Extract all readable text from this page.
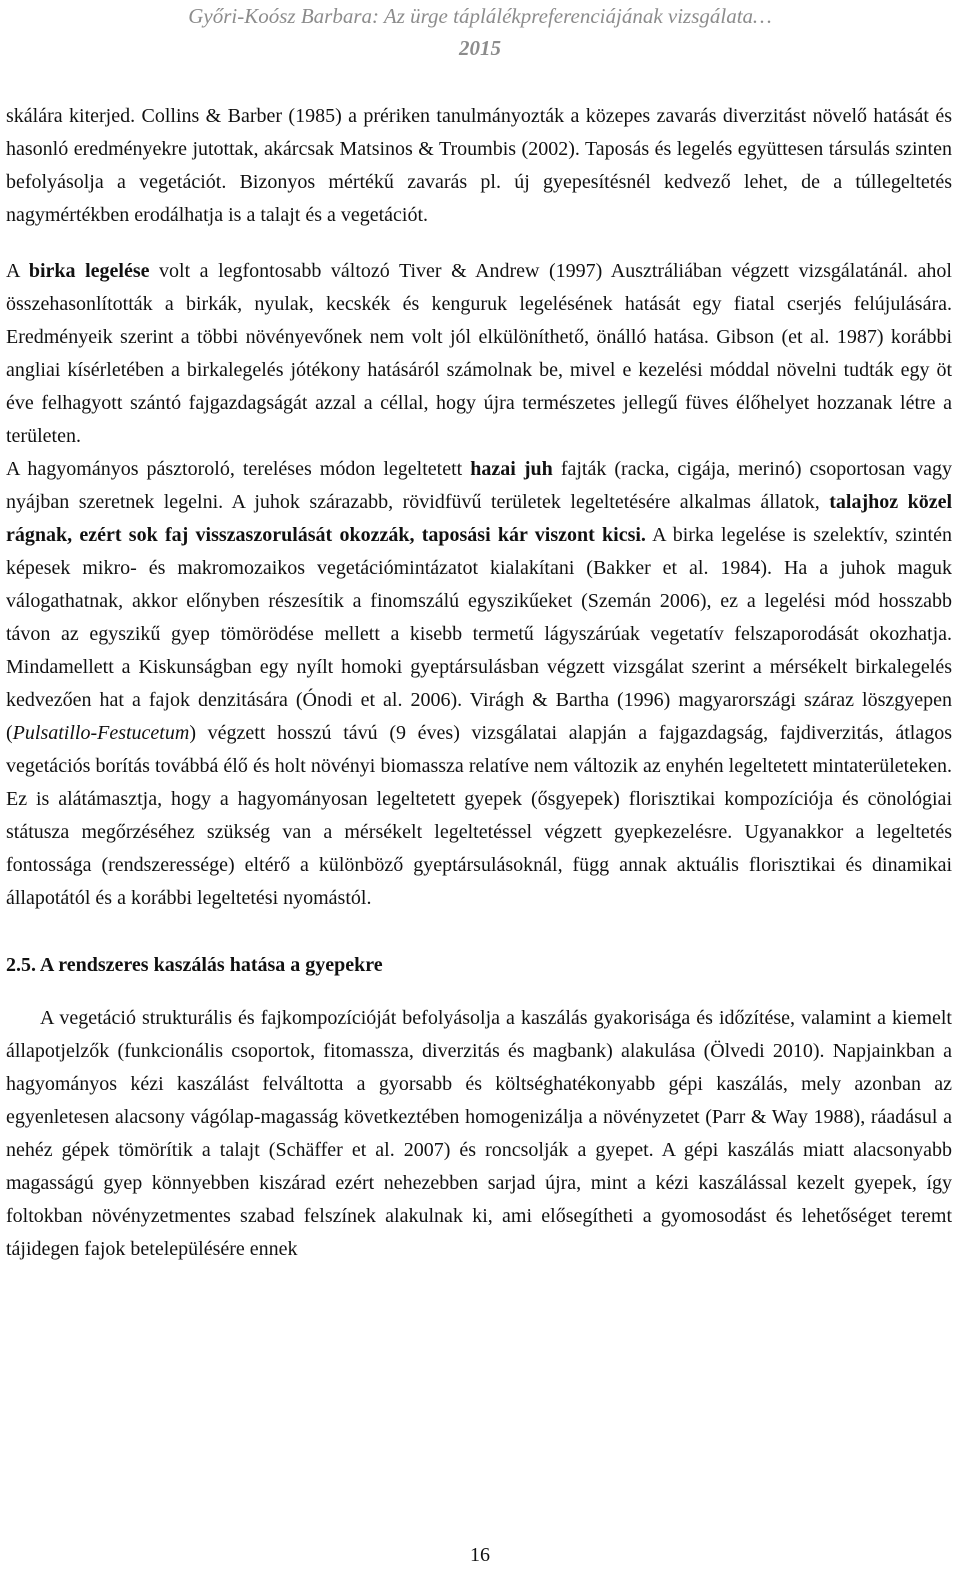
Győri-Koósz Barbara: Az ürge táplálékpreferenciájának vizsgálata…
2015

skálára kiterjed. Collins & Barber (1985) a prériken tanulmányozták a közepes zavarás diverzitást növelő hatását és hasonló eredményekre jutottak, akárcsak Matsinos & Troumbis (2002). Taposás és legelés együttesen társulás szinten befolyásolja a vegetációt. Bizonyos mértékű zavarás pl. új gyepesítésnél kedvező lehet, de a túllegeltetés nagymértékben erodálhatja is a talajt és a vegetációt.

A birka legelése volt a legfontosabb változó Tiver & Andrew (1997) Ausztráliában végzett vizsgálatánál. ahol összehasonlították a birkák, nyulak, kecskék és kenguruk legelésének hatását egy fiatal cserjés felújulására. Eredményeik szerint a többi növényevőnek nem volt jól elkülöníthető, önálló hatása. Gibson (et al. 1987) korábbi angliai kísérletében a birkalegelés jótékony hatásáról számolnak be, mivel e kezelési móddal növelni tudták egy öt éve felhagyott szántó fajgazdagságát azzal a céllal, hogy újra természetes jellegű füves élőhelyet hozzanak létre a területen.

A hagyományos pásztoroló, tereléses módon legeltetett hazai juh fajták (racka, cigája, merinó) csoportosan vagy nyájban szeretnek legelni. A juhok szárazabb, rövidfüvű területek legeltetésére alkalmas állatok, talajhoz közel rágnak, ezért sok faj visszaszorulását okozzák, taposási kár viszont kicsi. A birka legelése is szelektív, szintén képesek mikro- és makromozaikos vegetációmintázatot kialakítani (Bakker et al. 1984). Ha a juhok maguk válogathatnak, akkor előnyben részesítik a finomszálú egyszikűeket (Szemán 2006), ez a legelési mód hosszabb távon az egyszikű gyep tömörödése mellett a kisebb termetű lágyszárúak vegetatív felszaporodását okozhatja. Mindamellett a Kiskunságban egy nyílt homoki gyeptársulásban végzett vizsgálat szerint a mérsékelt birkalegelés kedvezően hat a fajok denzitására (Ónodi et al. 2006). Virágh & Bartha (1996) magyarországi száraz löszgyepen (Pulsatillo-Festucetum) végzett hosszú távú (9 éves) vizsgálatai alapján a fajgazdagság, fajdiverzitás, átlagos vegetációs borítás továbbá élő és holt növényi biomassza relatíve nem változik az enyhén legeltetett mintaterületeken. Ez is alátámasztja, hogy a hagyományosan legeltetett gyepek (ősgyepek) florisztikai kompozíciója és cönológiai státusza megőrzéséhez szükség van a mérsékelt legeltetéssel végzett gyepkezelésre. Ugyanakkor a legeltetés fontossága (rendszeressége) eltérő a különböző gyeptársulásoknál, függ annak aktuális florisztikai és dinamikai állapotától és a korábbi legeltetési nyomástól.

2.5. A rendszeres kaszálás hatása a gyepekre

A vegetáció strukturális és fajkompozícióját befolyásolja a kaszálás gyakorisága és időzítése, valamint a kiemelt állapotjelzők (funkcionális csoportok, fitomassza, diverzitás és magbank) alakulása (Ölvedi 2010). Napjainkban a hagyományos kézi kaszálást felváltotta a gyorsabb és költséghatékonyabb gépi kaszálás, mely azonban az egyenletesen alacsony vágólap-magasság következtében homogenizálja a növényzetet (Parr & Way 1988), ráadásul a nehéz gépek tömörítik a talajt (Schäffer et al. 2007) és roncsolják a gyepet. A gépi kaszálás miatt alacsonyabb magasságú gyep könnyebben kiszárad ezért nehezebben sarjad újra, mint a kézi kaszálással kezelt gyepek, így foltokban növényzetmentes szabad felszínek alakulnak ki, ami elősegítheti a gyomosodást és lehetőséget teremt tájidegen fajok betelepülésére ennek

16
